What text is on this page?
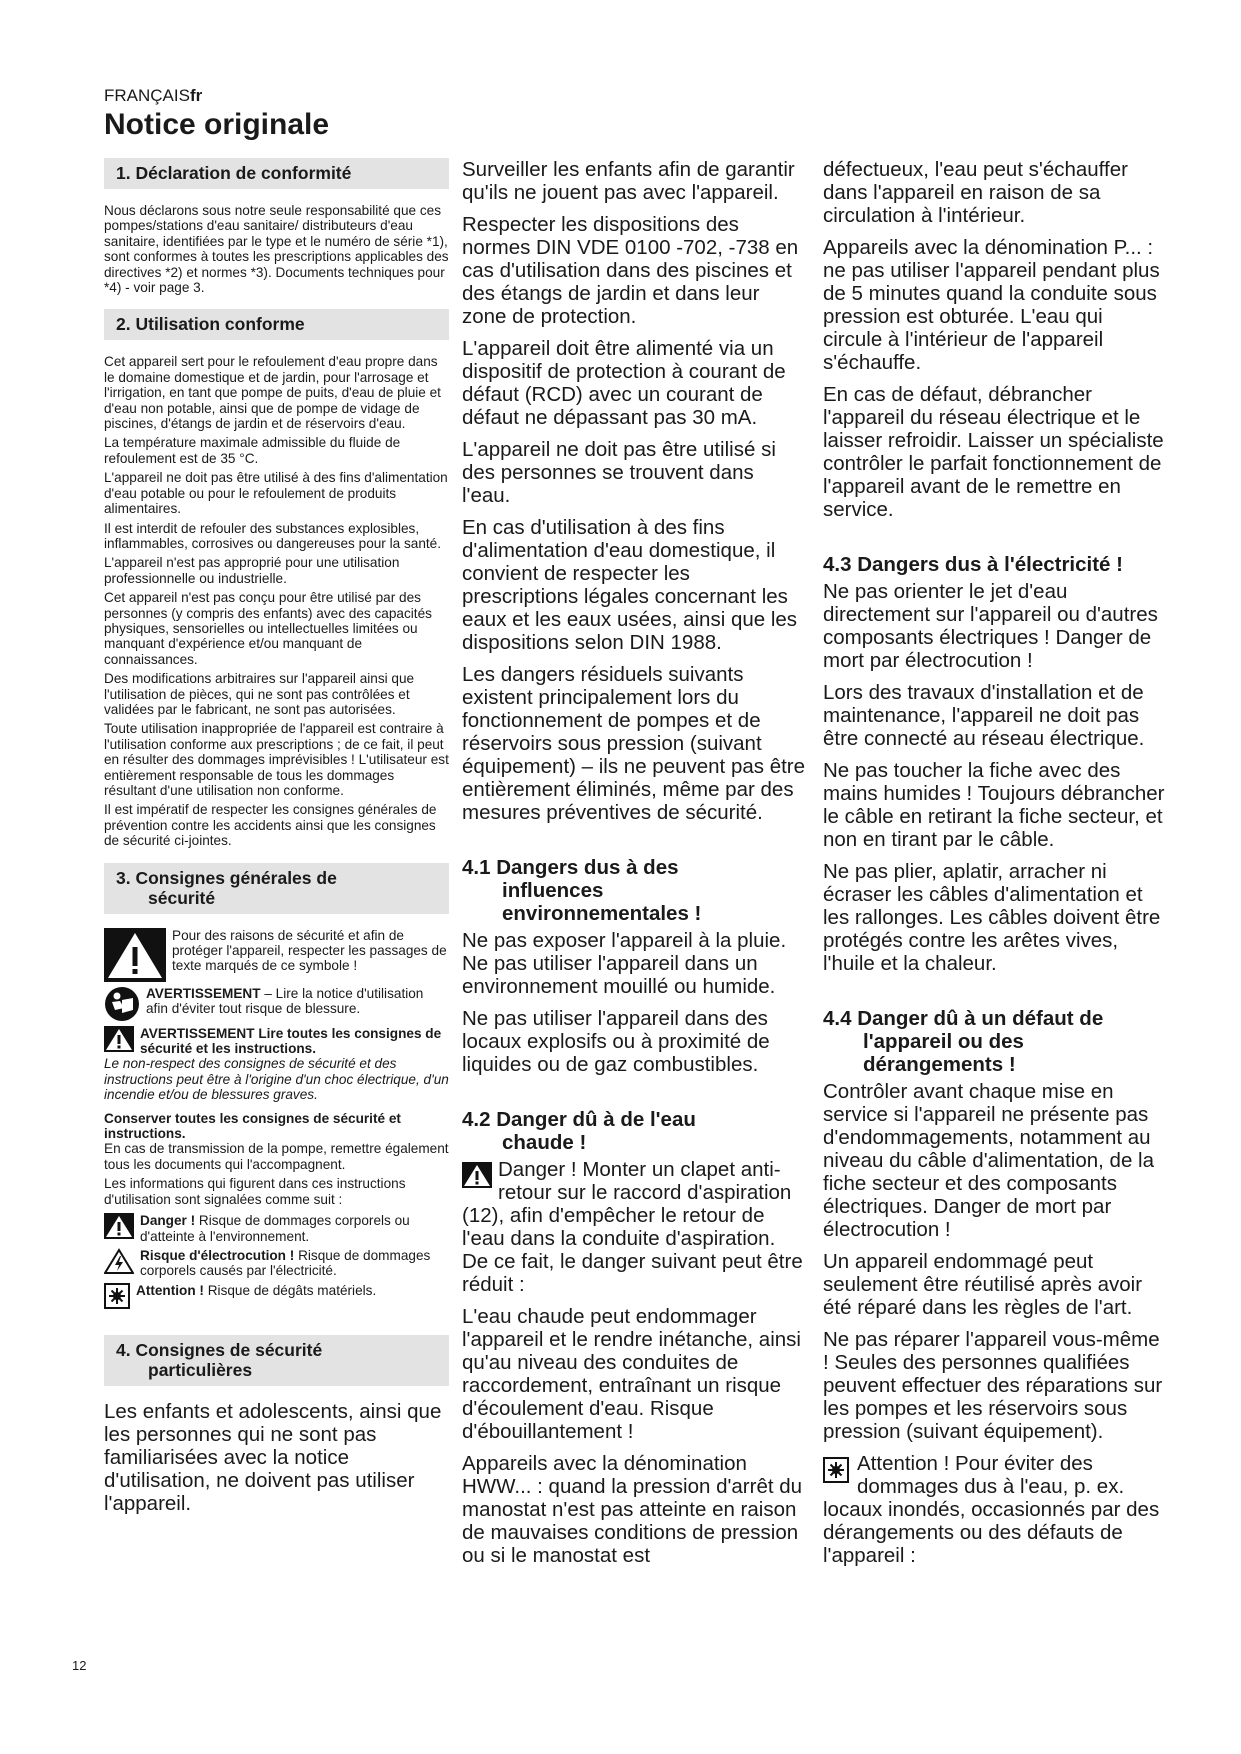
FRANÇAISfr
Notice originale
1. Déclaration de conformité

Nous déclarons sous notre seule responsabilité que ces pompes/stations d'eau sanitaire/ distributeurs d'eau sanitaire, identifiées par le type et le numéro de série *1), sont conformes à toutes les prescriptions applicables des directives *2) et normes *3). Documents techniques pour *4) - voir page 3.

2. Utilisation conforme

Cet appareil sert pour le refoulement d'eau propre dans le domaine domestique et de jardin, pour l'arrosage et l'irrigation, en tant que pompe de puits, d'eau de pluie et d'eau non potable, ainsi que de pompe de vidage de piscines, d'étangs de jardin et de réservoirs d'eau.

La température maximale admissible du fluide de refoulement est de 35 °C.

L'appareil ne doit pas être utilisé à des fins d'alimentation d'eau potable ou pour le refoulement de produits alimentaires.

Il est interdit de refouler des substances explosibles, inflammables, corrosives ou dangereuses pour la santé.

L'appareil n'est pas approprié pour une utilisation professionnelle ou industrielle.

Cet appareil n'est pas conçu pour être utilisé par des personnes (y compris des enfants) avec des capacités physiques, sensorielles ou intellectuelles limitées ou manquant d'expérience et/ou manquant de connaissances.

Des modifications arbitraires sur l'appareil ainsi que l'utilisation de pièces, qui ne sont pas contrôlées et validées par le fabricant, ne sont pas autorisées.

Toute utilisation inappropriée de l'appareil est contraire à l'utilisation conforme aux prescriptions ; de ce fait, il peut en résulter des dommages imprévisibles ! L'utilisateur est entièrement responsable de tous les dommages résultant d'une utilisation non conforme.

Il est impératif de respecter les consignes générales de prévention contre les accidents ainsi que les consignes de sécurité ci-jointes.

3. Consignes générales de
sécurité
Pour des raisons de sécurité et afin de protéger l'appareil, respecter les passages de texte marqués de ce symbole !
AVERTISSEMENT – Lire la notice d'utilisation afin d'éviter tout risque de blessure.
AVERTISSEMENT Lire toutes les consignes de sécurité et les instructions.

Le non-respect des consignes de sécurité et des instructions peut être à l'origine d'un choc électrique, d'un incendie et/ou de blessures graves.

Conserver toutes les consignes de sécurité et instructions.

En cas de transmission de la pompe, remettre également tous les documents qui l'accompagnent.

Les informations qui figurent dans ces instructions d'utilisation sont signalées comme suit :

Danger ! Risque de dommages corporels ou d'atteinte à l'environnement.
Risque d'électrocution ! Risque de dommages corporels causés par l'électricité.
Attention ! Risque de dégâts matériels.
4. Consignes de sécurité
particulières

Les enfants et adolescents, ainsi que les personnes qui ne sont pas familiarisées avec la notice d'utilisation, ne doivent pas utiliser l'appareil.

Surveiller les enfants afin de garantir qu'ils ne jouent pas avec l'appareil.

Respecter les dispositions des normes DIN VDE 0100 -702, -738 en cas d'utilisation dans des piscines et des étangs de jardin et dans leur zone de protection.

L'appareil doit être alimenté via un dispositif de protection à courant de défaut (RCD) avec un courant de défaut ne dépassant pas 30 mA.

L'appareil ne doit pas être utilisé si des personnes se trouvent dans l'eau.

En cas d'utilisation à des fins d'alimentation d'eau domestique, il convient de respecter les prescriptions légales concernant les eaux et les eaux usées, ainsi que les dispositions selon DIN 1988.

Les dangers résiduels suivants existent principalement lors du fonctionnement de pompes et de réservoirs sous pression (suivant équipement) – ils ne peuvent pas être entièrement éliminés, même par des mesures préventives de sécurité.

4.1 Dangers dus à des
influences
environnementales !

Ne pas exposer l'appareil à la pluie. Ne pas utiliser l'appareil dans un environnement mouillé ou humide.

Ne pas utiliser l'appareil dans des locaux explosifs ou à proximité de liquides ou de gaz combustibles.

4.2 Danger dû à de l'eau
chaude !

Danger ! Monter un clapet anti-retour sur le raccord d'aspiration (12), afin d'empêcher le retour de l'eau dans la conduite d'aspiration. De ce fait, le danger suivant peut être réduit :

L'eau chaude peut endommager l'appareil et le rendre inétanche, ainsi qu'au niveau des conduites de raccordement, entraînant un risque d'écoulement d'eau. Risque d'ébouillantement !

Appareils avec la dénomination HWW... : quand la pression d'arrêt du manostat n'est pas atteinte en raison de mauvaises conditions de pression ou si le manostat est

défectueux, l'eau peut s'échauffer dans l'appareil en raison de sa circulation à l'intérieur.

Appareils avec la dénomination P... : ne pas utiliser l'appareil pendant plus de 5 minutes quand la conduite sous pression est obturée. L'eau qui circule à l'intérieur de l'appareil s'échauffe.

En cas de défaut, débrancher l'appareil du réseau électrique et le laisser refroidir. Laisser un spécialiste contrôler le parfait fonctionnement de l'appareil avant de le remettre en service.

4.3 Dangers dus à l'électricité !

Ne pas orienter le jet d'eau directement sur l'appareil ou d'autres composants électriques ! Danger de mort par électrocution !

Lors des travaux d'installation et de maintenance, l'appareil ne doit pas être connecté au réseau électrique.

Ne pas toucher la fiche avec des mains humides ! Toujours débrancher le câble en retirant la fiche secteur, et non en tirant par le câble.

Ne pas plier, aplatir, arracher ni écraser les câbles d'alimentation et les rallonges. Les câbles doivent être protégés contre les arêtes vives, l'huile et la chaleur.

4.4 Danger dû à un défaut de
l'appareil ou des
dérangements !

Contrôler avant chaque mise en service si l'appareil ne présente pas d'endommagements, notamment au niveau du câble d'alimentation, de la fiche secteur et des composants électriques. Danger de mort par électrocution !

Un appareil endommagé peut seulement être réutilisé après avoir été réparé dans les règles de l'art.

Ne pas réparer l'appareil vous-même ! Seules des personnes qualifiées peuvent effectuer des réparations sur les pompes et les réservoirs sous pression (suivant équipement).

Attention ! Pour éviter des dommages dus à l'eau, p. ex. locaux inondés, occasionnés par des dérangements ou des défauts de l'appareil :

12
